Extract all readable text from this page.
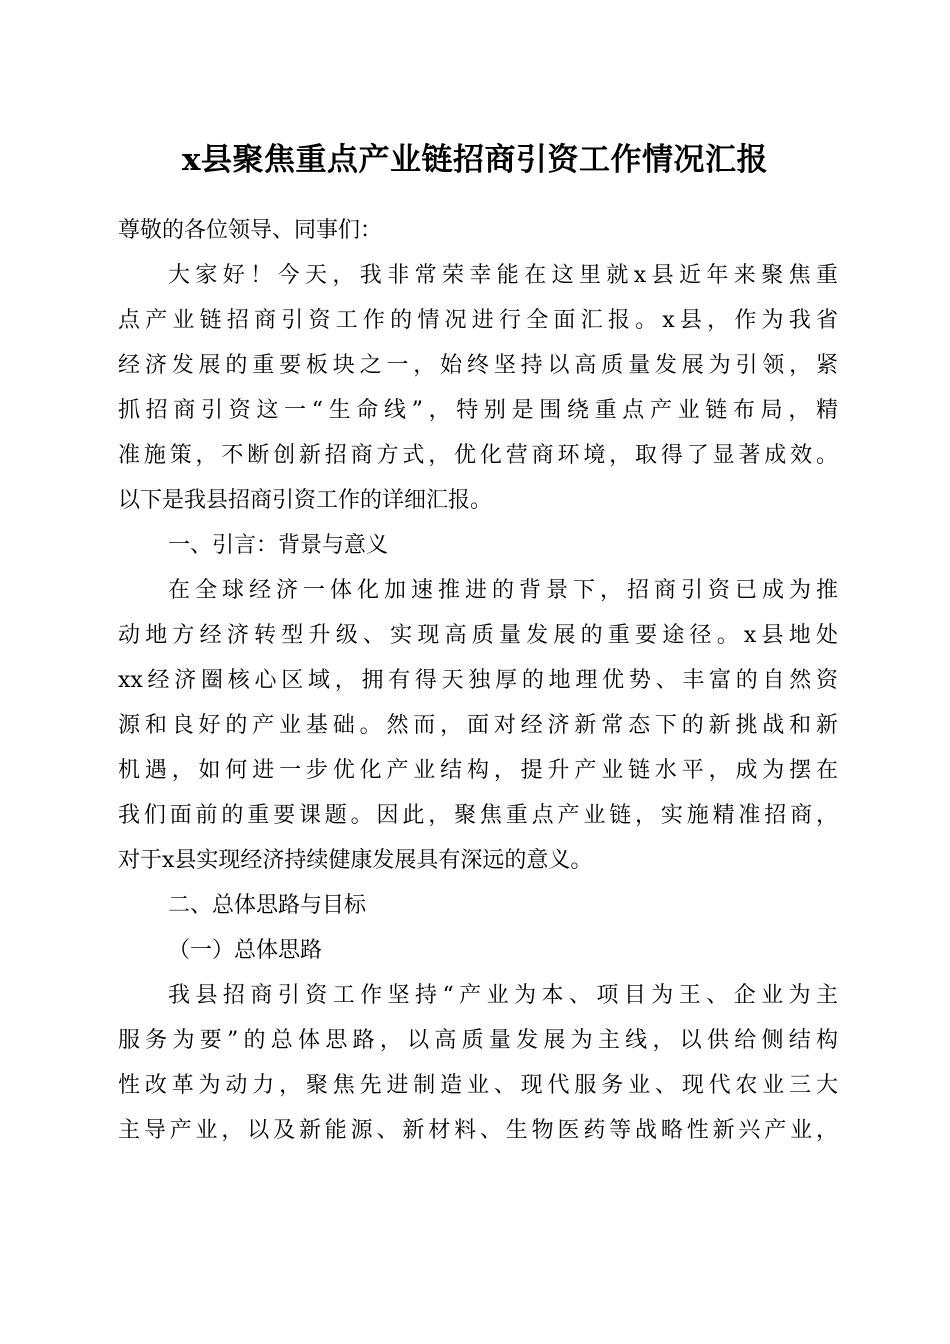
x县聚焦重点产业链招商引资工作情况汇报
尊敬的各位领导、同事们：
大家好！今天，我非常荣幸能在这里就x县近年来聚焦重
点产业链招商引资工作的情况进行全面汇报。x县，作为我省
经济发展的重要板块之一，始终坚持以高质量发展为引领，紧
抓招商引资这一“生命线”，特别是围绕重点产业链布局，精
准施策，不断创新招商方式，优化营商环境，取得了显著成效。
以下是我县招商引资工作的详细汇报。
一、引言：背景与意义
在全球经济一体化加速推进的背景下，招商引资已成为推
动地方经济转型升级、实现高质量发展的重要途径。x县地处
xx经济圈核心区域，拥有得天独厚的地理优势、丰富的自然资
源和良好的产业基础。然而，面对经济新常态下的新挑战和新
机遇，如何进一步优化产业结构，提升产业链水平，成为摆在
我们面前的重要课题。因此，聚焦重点产业链，实施精准招商，
对于x县实现经济持续健康发展具有深远的意义。
二、总体思路与目标
（一）总体思路
我县招商引资工作坚持“产业为本、项目为王、企业为主
服务为要”的总体思路，以高质量发展为主线，以供给侧结构
性改革为动力，聚焦先进制造业、现代服务业、现代农业三大
主导产业，以及新能源、新材料、生物医药等战略性新兴产业，
